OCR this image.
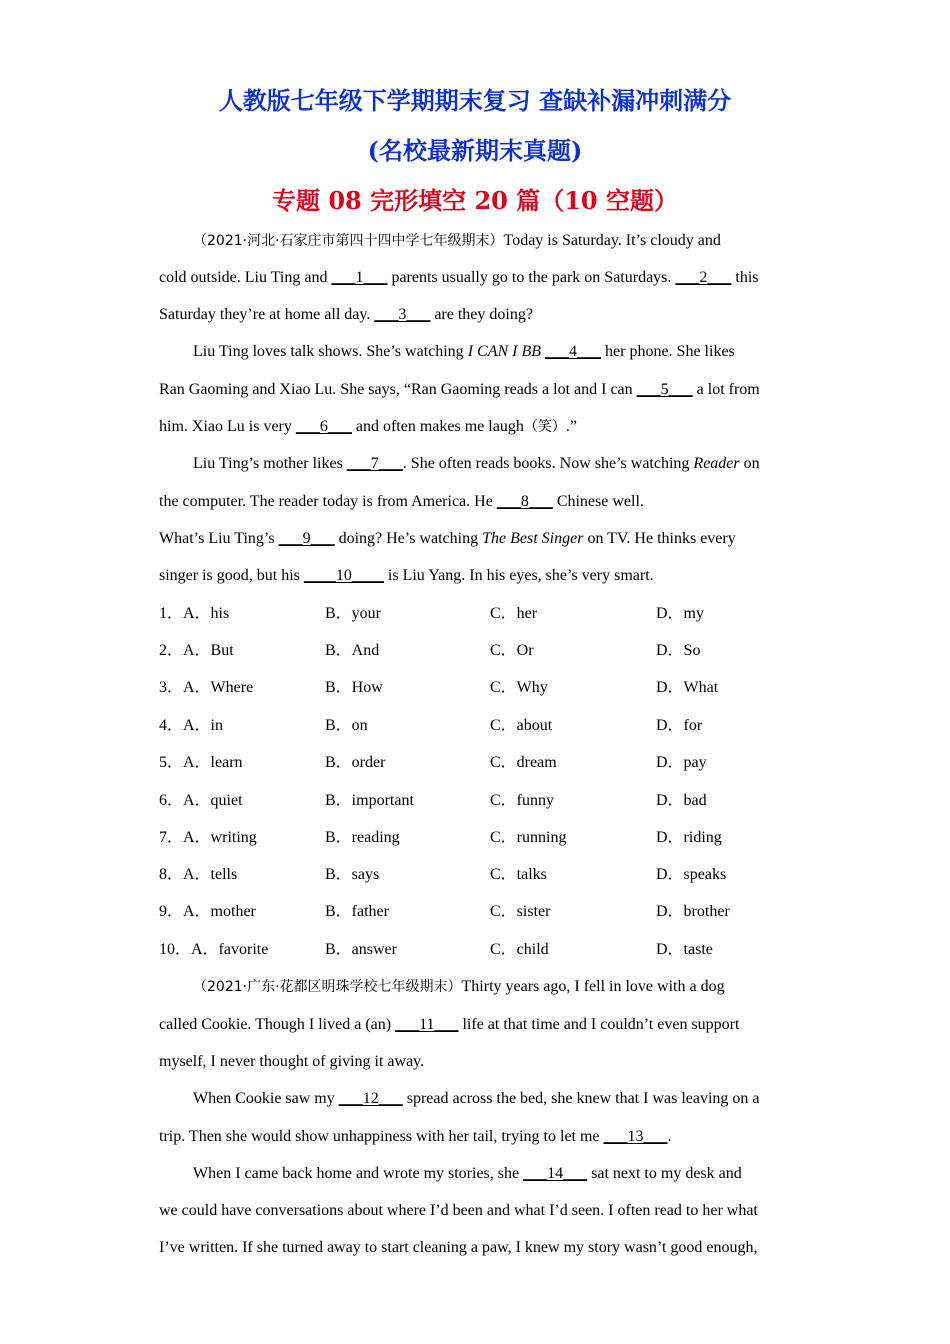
人教版七年级下学期期末复习 查缺补漏冲刺满分
(名校最新期末真题)
专题 08 完形填空 20 篇（10 空题）
（2021·河北·石家庄市第四十四中学七年级期末）Today is Saturday. It’s cloudy and
cold outside. Liu Ting and ___1___ parents usually go to the park on Saturdays. ___2___ this
Saturday they’re at home all day. ___3___ are they doing?
Liu Ting loves talk shows. She’s watching I CAN I BB ___4___ her phone. She likes
Ran Gaoming and Xiao Lu. She says, “Ran Gaoming reads a lot and I can ___5___ a lot from
him. Xiao Lu is very ___6___ and often makes me laugh（笑）.”
Liu Ting’s mother likes ___7___. She often reads books. Now she’s watching Reader on
the computer. The reader today is from America. He ___8___ Chinese well.
What’s Liu Ting’s ___9___ doing? He’s watching The Best Singer on TV. He thinks every
singer is good, but his ____10____ is Liu Yang. In his eyes, she’s very smart.
1．A．his	B．your	C．her	D．my
2．A．But	B．And	C．Or	D．So
3．A．Where	B．How	C．Why	D．What
4．A．in	B．on	C．about	D．for
5．A．learn	B．order	C．dream	D．pay
6．A．quiet	B．important	C．funny	D．bad
7．A．writing	B．reading	C．running	D．riding
8．A．tells	B．says	C．talks	D．speaks
9．A．mother	B．father	C．sister	D．brother
10．A．favorite	B．answer	C．child	D．taste
（2021·广东·花都区明珠学校七年级期末）Thirty years ago, I fell in love with a dog
called Cookie. Though I lived a (an) ___11___ life at that time and I couldn’t even support
myself, I never thought of giving it away.
When Cookie saw my ___12___ spread across the bed, she knew that I was leaving on a
trip. Then she would show unhappiness with her tail, trying to let me ___13___.
When I came back home and wrote my stories, she ___14___ sat next to my desk and
we could have conversations about where I’d been and what I’d seen. I often read to her what
I’ve written. If she turned away to start cleaning a paw, I knew my story wasn’t good enough,
